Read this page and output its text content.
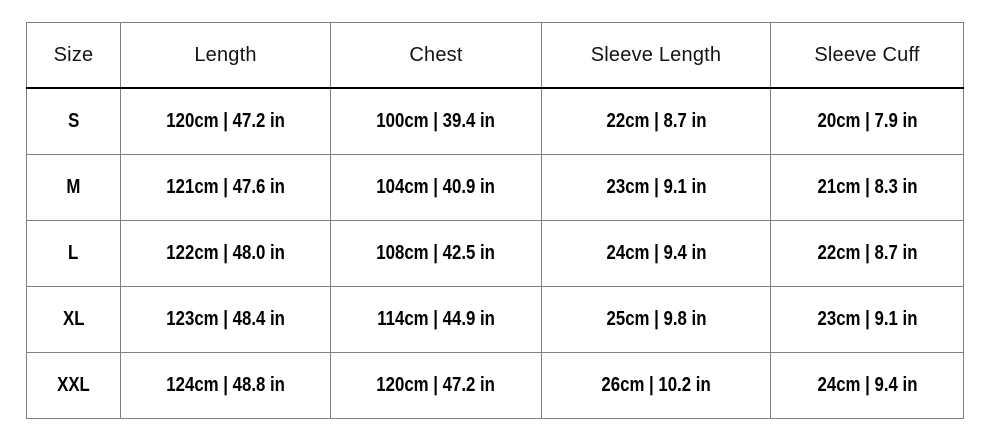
Size	Length	Chest	Sleeve Length	Sleeve Cuff
S	120cm | 47.2 in	100cm | 39.4 in	22cm | 8.7 in	20cm | 7.9 in
M	121cm | 47.6 in	104cm | 40.9 in	23cm | 9.1 in	21cm | 8.3 in
L	122cm | 48.0 in	108cm | 42.5 in	24cm | 9.4 in	22cm | 8.7 in
XL	123cm | 48.4 in	114cm | 44.9 in	25cm | 9.8 in	23cm | 9.1 in
XXL	124cm | 48.8 in	120cm | 47.2 in	26cm | 10.2 in	24cm | 9.4 in
